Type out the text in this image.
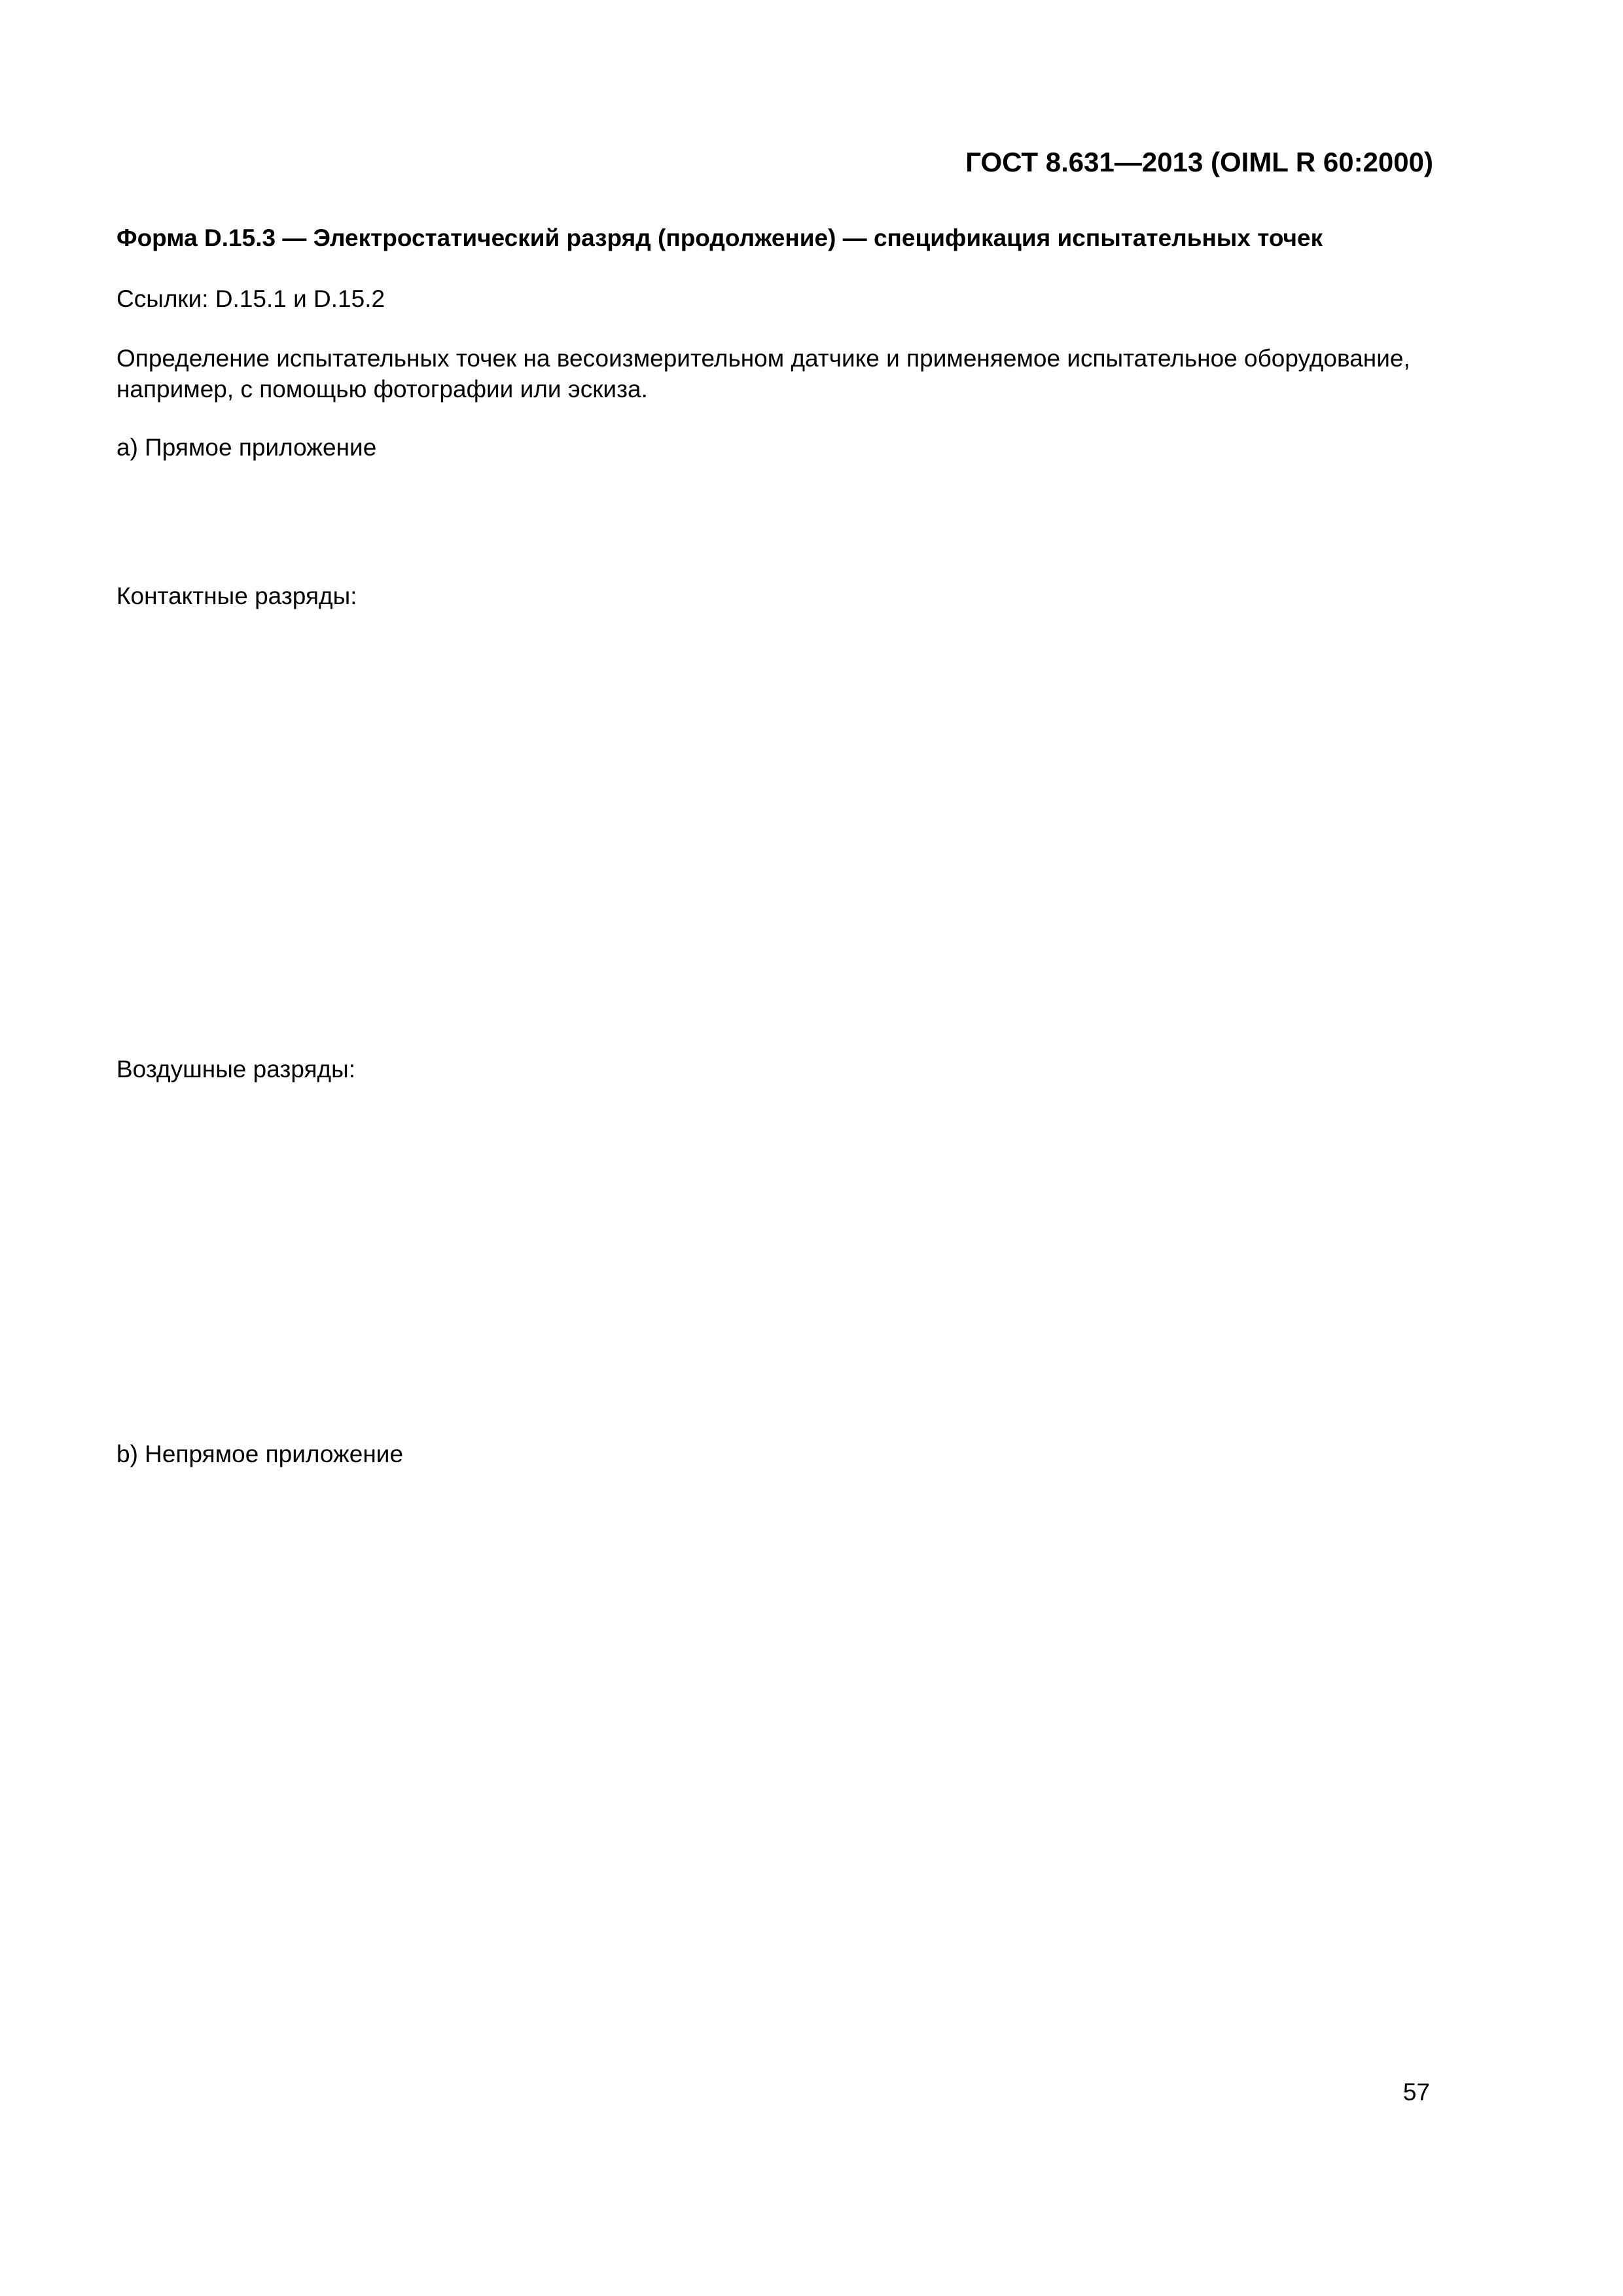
ГОСТ 8.631—2013 (OIML R 60:2000)
Форма D.15.3 — Электростатический разряд (продолжение) — спецификация испытательных точек
Ссылки: D.15.1 и D.15.2
Определение испытательных точек на весоизмерительном датчике и применяемое испытательное оборудование,
например, с помощью фотографии или эскиза.
a) Прямое приложение
Контактные разряды:
Воздушные разряды:
b) Непрямое приложение
57
